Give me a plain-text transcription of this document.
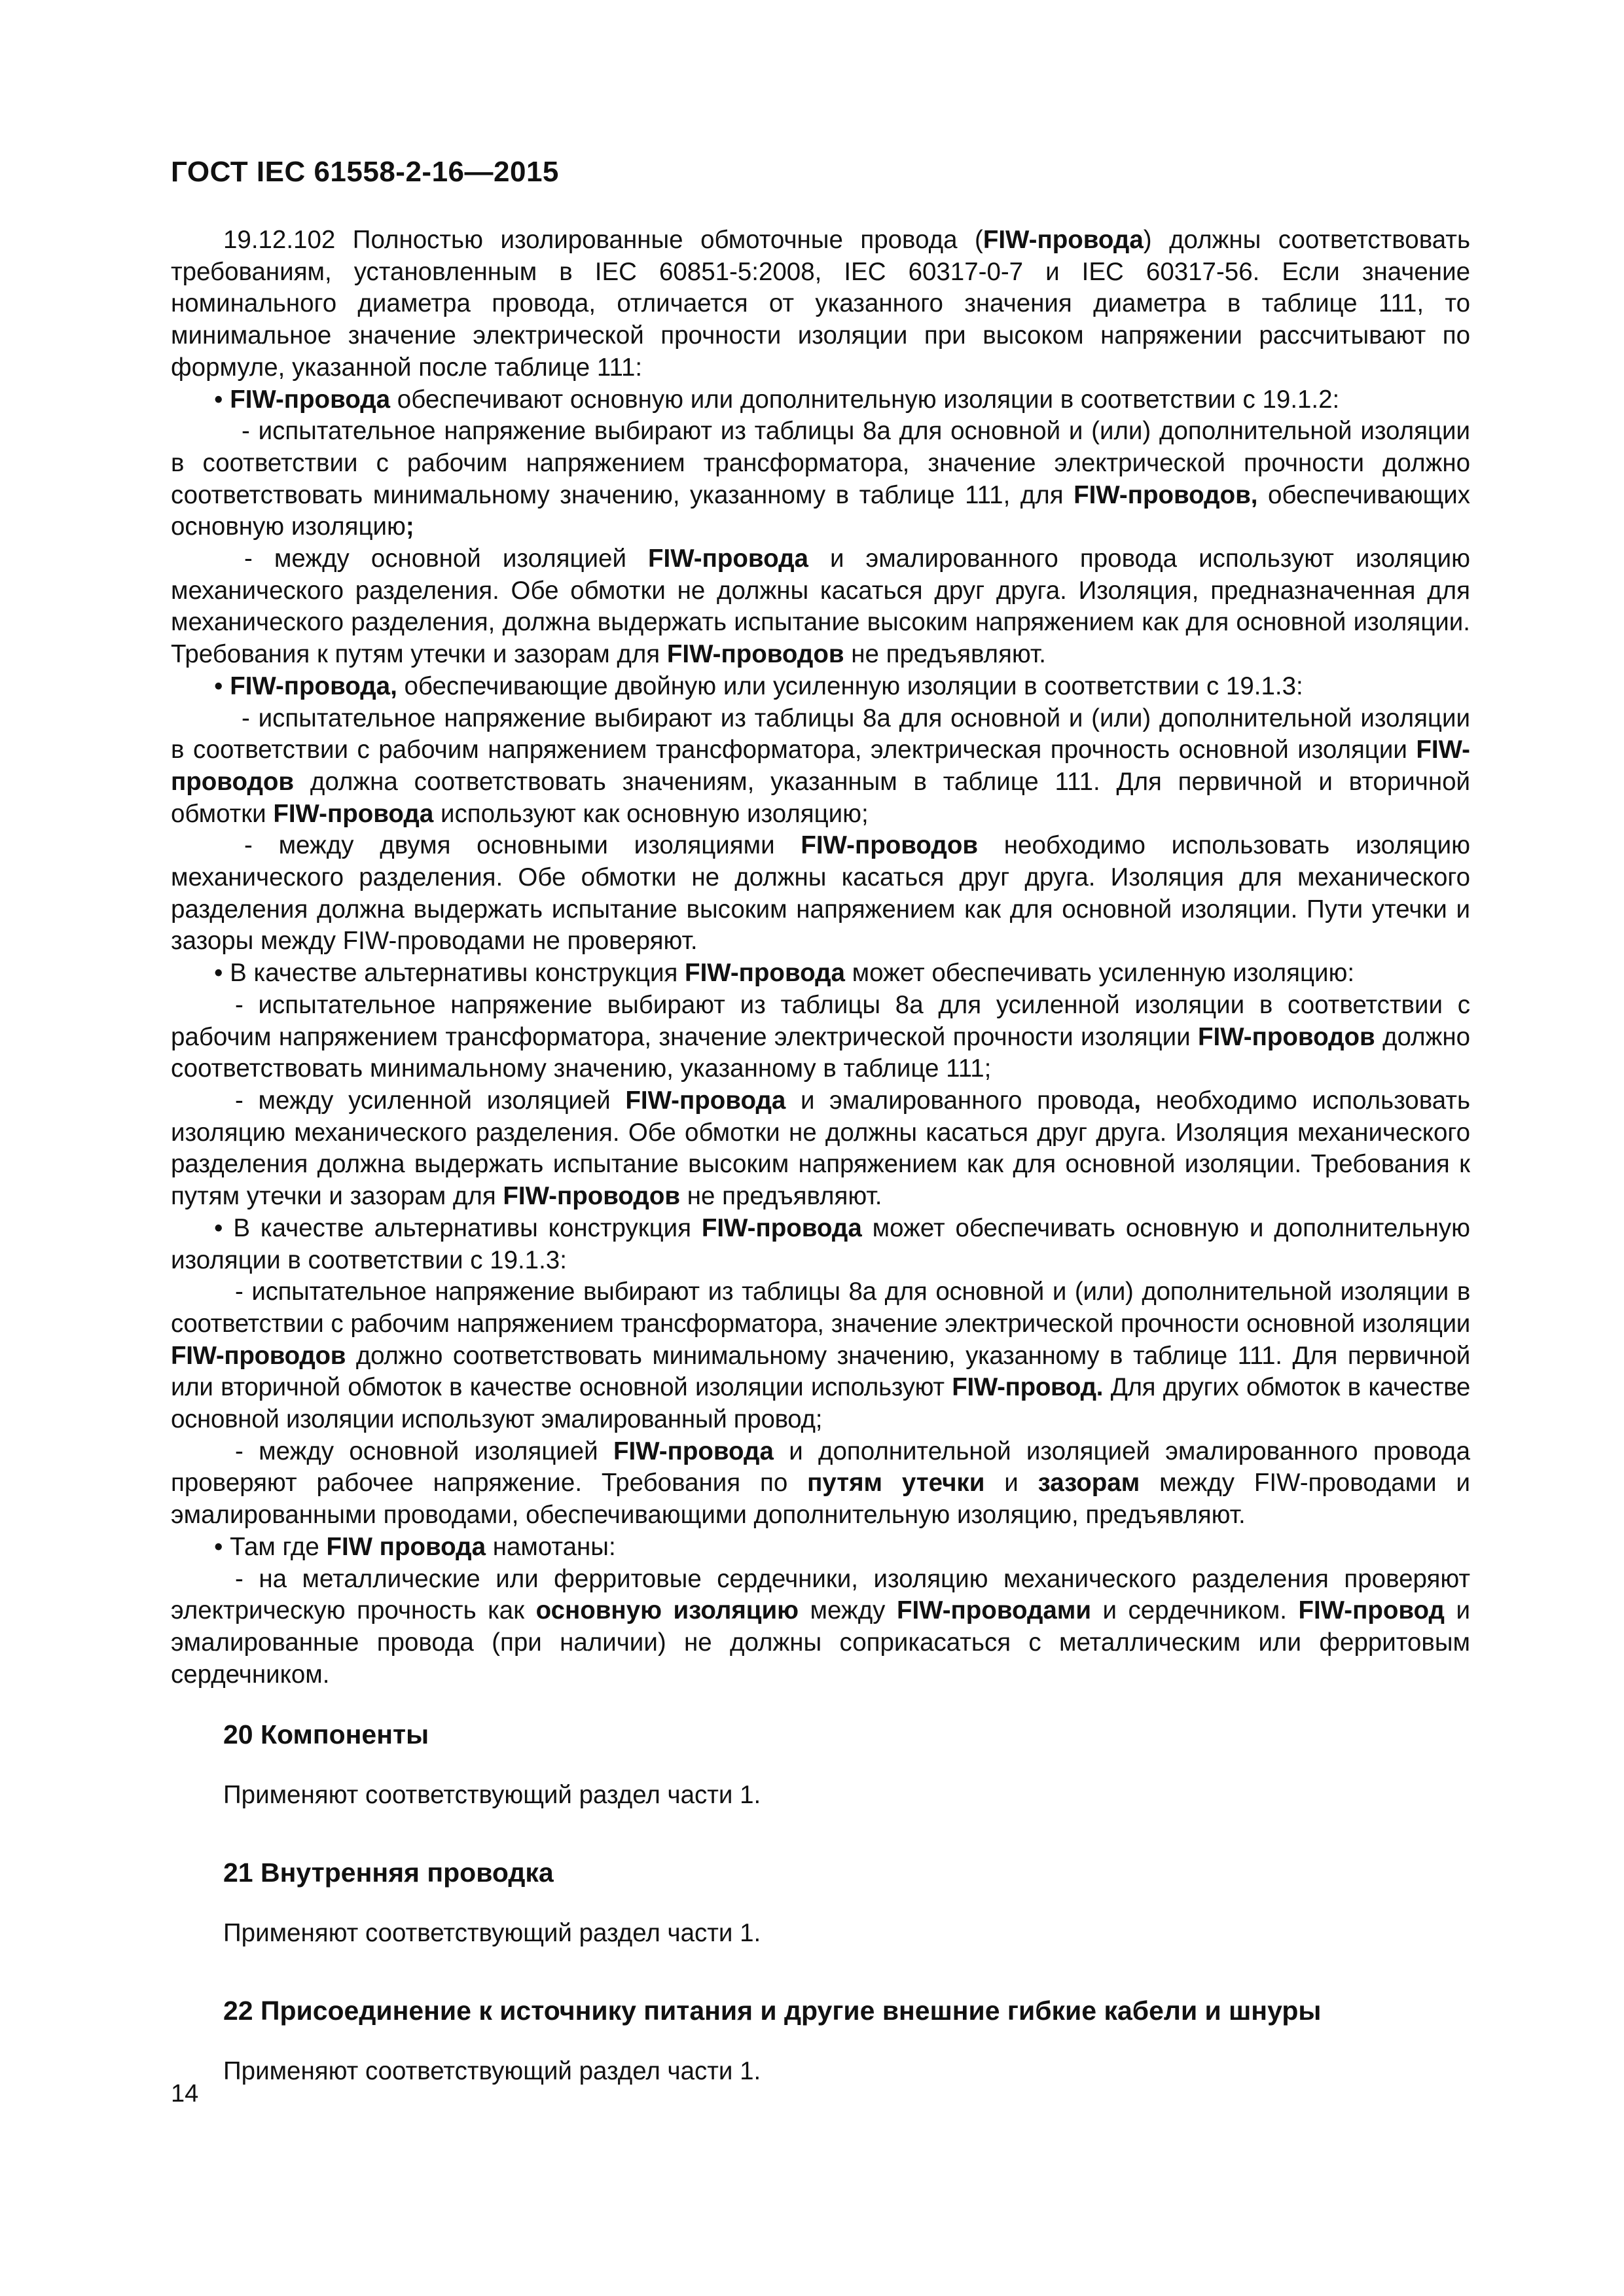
ГОСТ IEC 61558-2-16—2015

19.12.102 Полностью изолированные обмоточные провода (FIW-провода) должны соответствовать требованиям, установленным в IEC 60851-5:2008, IEC 60317-0-7 и IEC 60317-56. Если значение номинального диаметра провода, отличается от указанного значения диаметра в таблице 111, то минимальное значение электрической прочности изоляции при высоком напряжении рассчитывают по формуле, указанной после таблице 111:

• FIW-провода обеспечивают основную или дополнительную изоляции в соответствии с 19.1.2:

- испытательное напряжение выбирают из таблицы 8а для основной и (или) дополнительной изоляции в соответствии с рабочим напряжением трансформатора, значение электрической прочности должно соответствовать минимальному значению, указанному в таблице 111, для FIW-проводов, обеспечивающих основную изоляцию;

- между основной изоляцией FIW-провода и эмалированного провода используют изоляцию механического разделения. Обе обмотки не должны касаться друг друга. Изоляция, предназначенная для механического разделения, должна выдержать испытание высоким напряжением как для основной изоляции. Требования к путям утечки и зазорам для FIW-проводов не предъявляют.

• FIW-провода, обеспечивающие двойную или усиленную изоляции в соответствии с 19.1.3:

- испытательное напряжение выбирают из таблицы 8а для основной и (или) дополнительной изоляции в соответствии с рабочим напряжением трансформатора, электрическая прочность основной изоляции FIW-проводов должна соответствовать значениям, указанным в таблице 111. Для первичной и вторичной обмотки FIW-провода используют как основную изоляцию;

- между двумя основными изоляциями FIW-проводов необходимо использовать изоляцию механического разделения. Обе обмотки не должны касаться друг друга. Изоляция для механического разделения должна выдержать испытание высоким напряжением как для основной изоляции. Пути утечки и зазоры между FIW-проводами не проверяют.

• В качестве альтернативы конструкция FIW-провода может обеспечивать усиленную изоляцию:

- испытательное напряжение выбирают из таблицы 8а для усиленной изоляции в соответствии с рабочим напряжением трансформатора, значение электрической прочности изоляции FIW-проводов должно соответствовать минимальному значению, указанному в таблице 111;

- между усиленной изоляцией FIW-провода и эмалированного провода, необходимо использовать изоляцию механического разделения. Обе обмотки не должны касаться друг друга. Изоляция механического разделения должна выдержать испытание высоким напряжением как для основной изоляции. Требования к путям утечки и зазорам для FIW-проводов не предъявляют.

• В качестве альтернативы конструкция FIW-провода может обеспечивать основную и дополнительную изоляции в соответствии с 19.1.3:

- испытательное напряжение выбирают из таблицы 8а для основной и (или) дополнительной изоляции в соответствии с рабочим напряжением трансформатора, значение электрической прочности основной изоляции FIW-проводов должно соответствовать минимальному значению, указанному в таблице 111. Для первичной или вторичной обмоток в качестве основной изоляции используют FIW-провод. Для других обмоток в качестве основной изоляции используют эмалированный провод;

- между основной изоляцией FIW-провода и дополнительной изоляцией эмалированного провода проверяют рабочее напряжение. Требования по путям утечки и зазорам между FIW-проводами и эмалированными проводами, обеспечивающими дополнительную изоляцию, предъявляют.

• Там где FIW провода намотаны:

- на металлические или ферритовые сердечники, изоляцию механического разделения проверяют электрическую прочность как основную изоляцию между FIW-проводами и сердечником. FIW-провод и эмалированные провода (при наличии) не должны соприкасаться с металлическим или ферритовым сердечником.

20 Компоненты

Применяют соответствующий раздел части 1.

21 Внутренняя проводка

Применяют соответствующий раздел части 1.

22 Присоединение к источнику питания и другие внешние гибкие кабели и шнуры

Применяют соответствующий раздел части 1.

14
